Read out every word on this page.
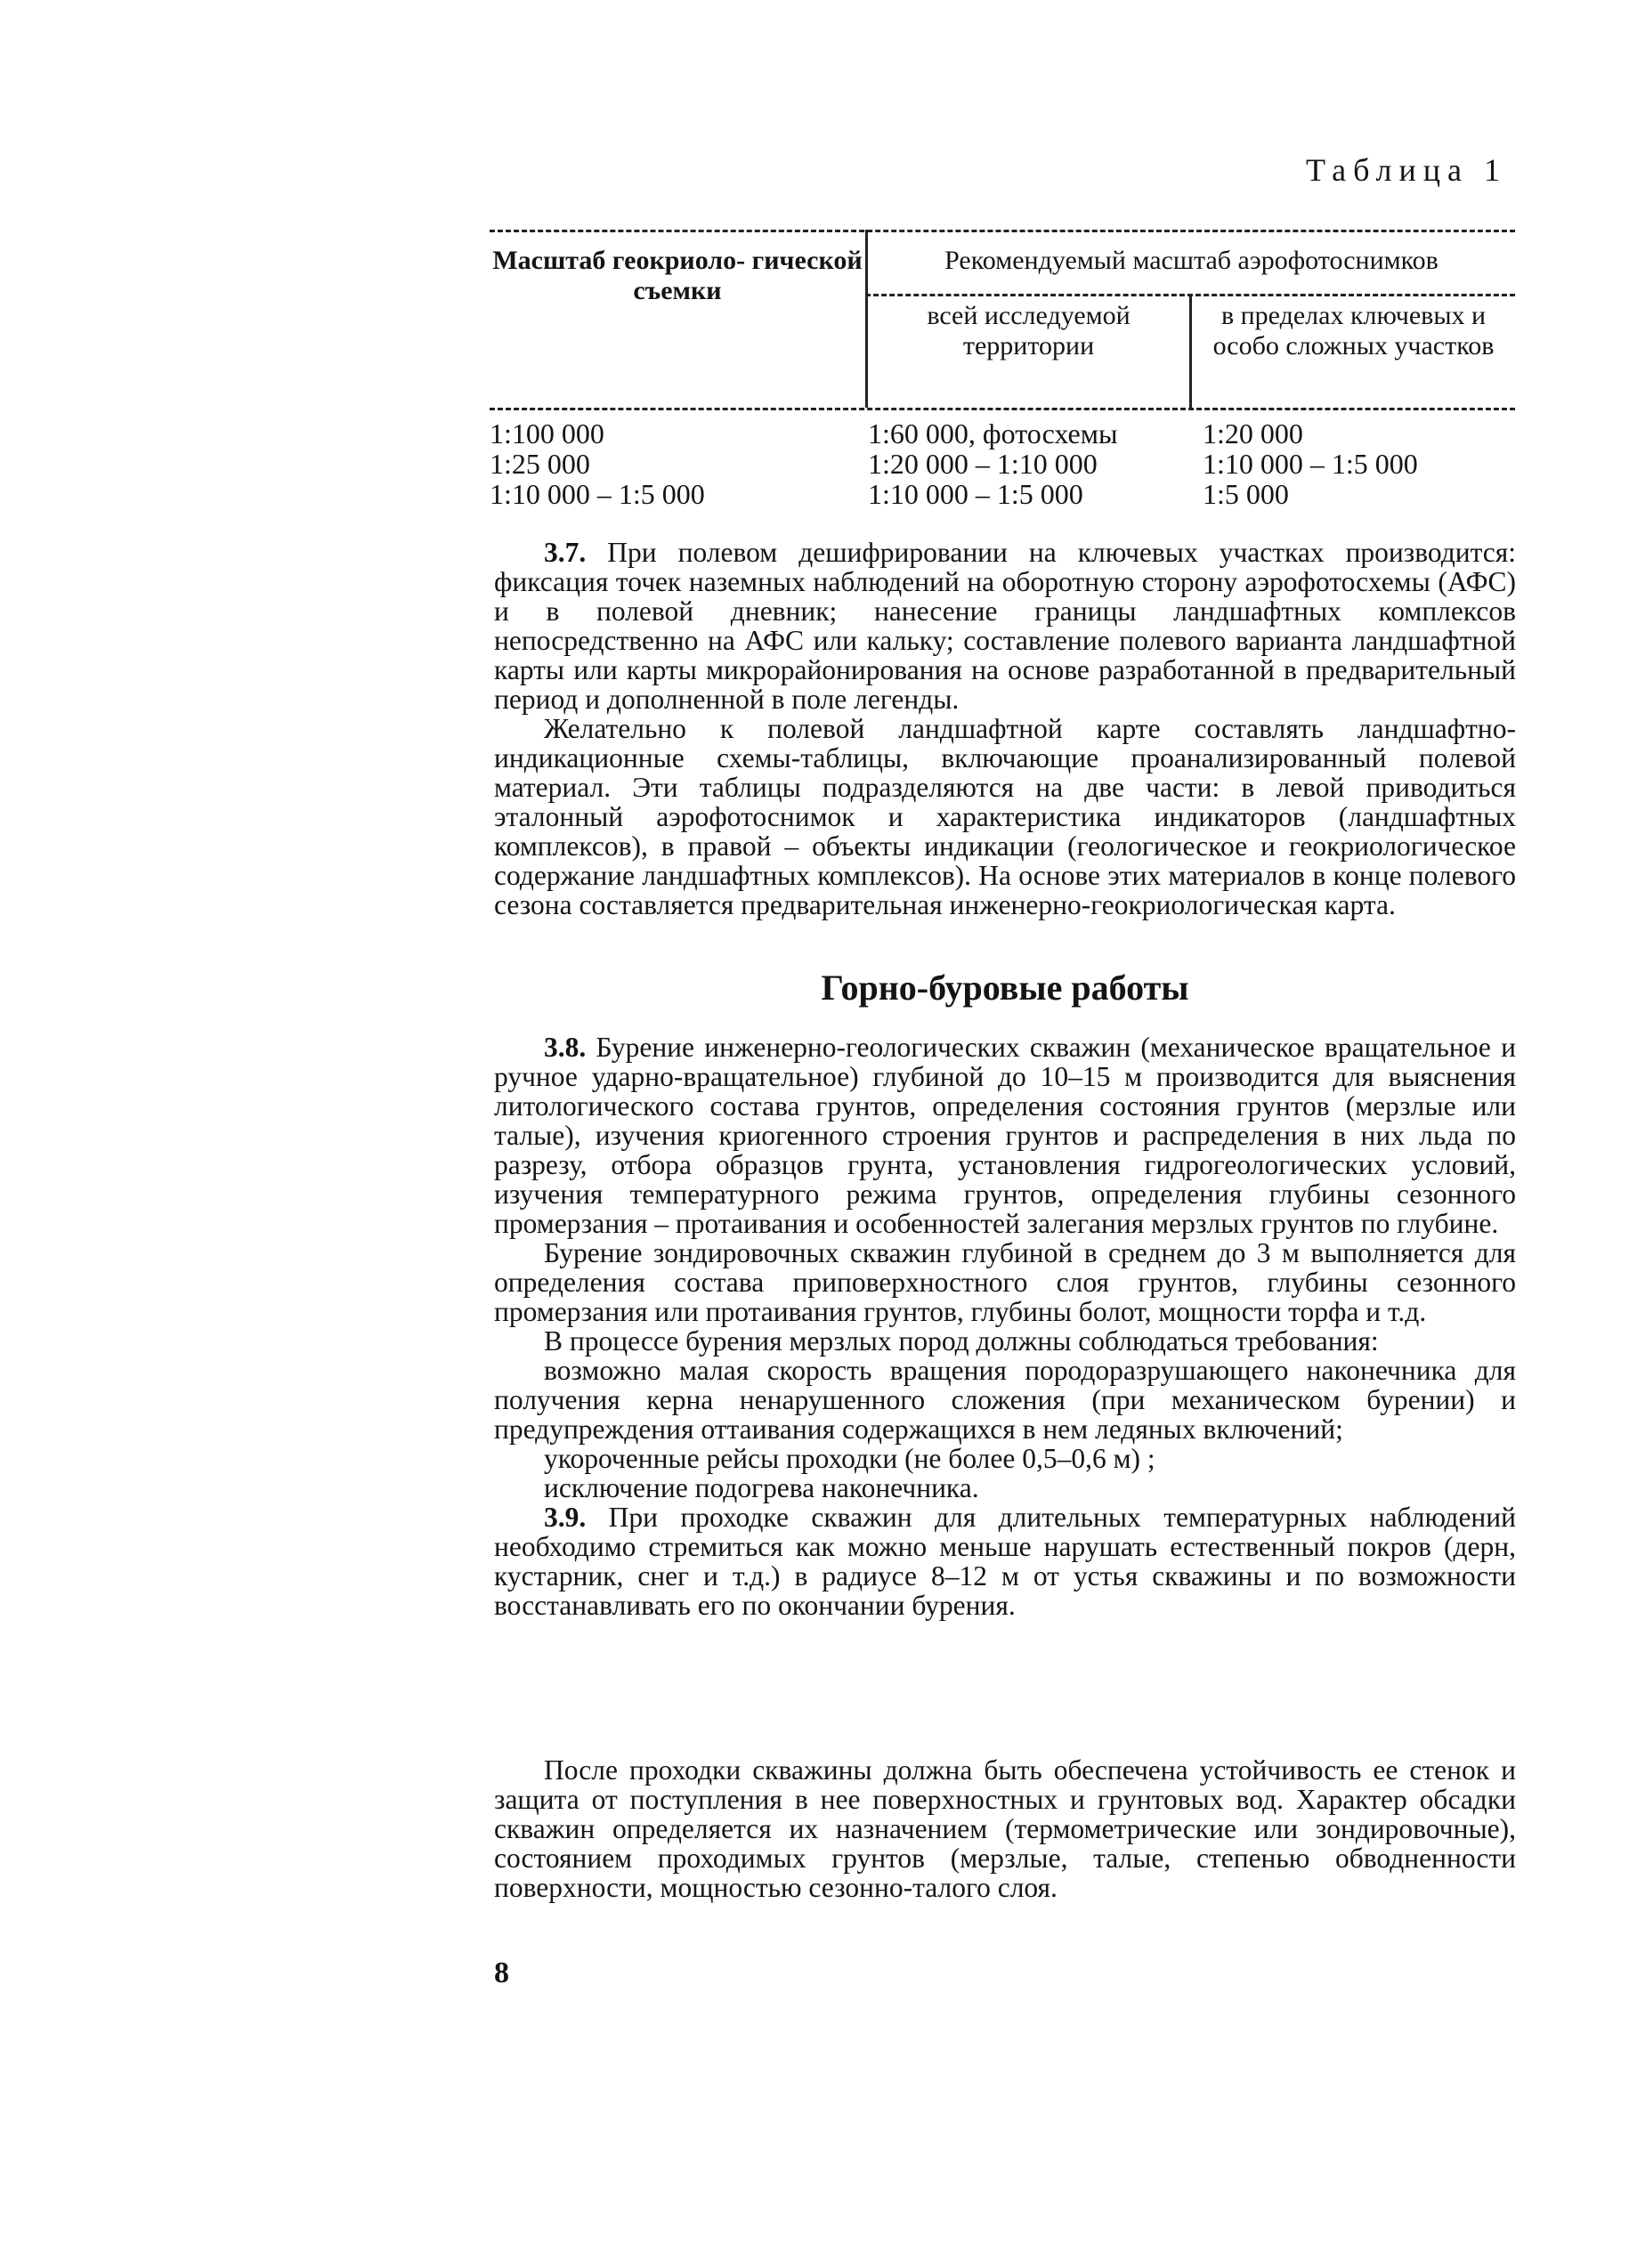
Таблица 1
Масштаб геокриоло- гической съемки
Рекомендуемый масштаб аэрофотоснимков
всей исследуемой территории
в пределах ключевых и особо сложных участков
1:100 000	1:60 000, фотосхемы	1:20 000
1:25 000	1:20 000 – 1:10 000	1:10 000 – 1:5 000
1:10 000 – 1:5 000	1:10 000 – 1:5 000	1:5 000

3.7. При полевом дешифрировании на ключевых участках производится: фиксация точек наземных наблюдений на оборотную сторону аэрофотосхемы (АФС) и в полевой дневник; нанесение границы ландшафтных комплексов непосредственно на АФС или кальку; составление полевого варианта ландшафтной карты или карты микрорайонирования на основе разработанной в предварительный период и дополненной в поле легенды.

Желательно к полевой ландшафтной карте составлять ландшафтно-индикационные схемы-таблицы, включающие проанализированный полевой материал. Эти таблицы подразделяются на две части: в левой приводиться эталонный аэрофотоснимок и характеристика индикаторов (ландшафтных комплексов), в правой – объекты индикации (геологическое и геокриологическое содержание ландшафтных комплексов). На основе этих материалов в конце полевого сезона составляется предварительная инженерно-геокриологическая карта.

Горно-буровые работы

3.8. Бурение инженерно-геологических скважин (механическое вращательное и ручное ударно-вращательное) глубиной до 10–15 м производится для выяснения литологического состава грунтов, определения состояния грунтов (мерзлые или талые), изучения криогенного строения грунтов и распределения в них льда по разрезу, отбора образцов грунта, установления гидрогеологических условий, изучения температурного режима грунтов, определения глубины сезонного промерзания – протаивания и особенностей залегания мерзлых грунтов по глубине.

Бурение зондировочных скважин глубиной в среднем до 3 м выполняется для определения состава приповерхностного слоя грунтов, глубины сезонного промерзания или протаивания грунтов, глубины болот, мощности торфа и т.д.

В процессе бурения мерзлых пород должны соблюдаться требования:

возможно малая скорость вращения породоразрушающего наконечника для получения керна ненарушенного сложения (при механическом бурении) и предупреждения оттаивания содержащихся в нем ледяных включений;

укороченные рейсы проходки (не более 0,5–0,6 м) ;

исключение подогрева наконечника.

3.9. При проходке скважин для длительных температурных наблюдений необходимо стремиться как можно меньше нарушать естественный покров (дерн, кустарник, снег и т.д.) в радиусе 8–12 м от устья скважины и по возможности восстанавливать его по окончании бурения.

После проходки скважины должна быть обеспечена устойчивость ее стенок и защита от поступления в нее поверхностных и грунтовых вод. Характер обсадки скважин определяется их назначением (термометрические или зондировочные), состоянием проходимых грунтов (мерзлые, талые, степенью обводненности поверхности, мощностью сезонно-талого слоя.

8
